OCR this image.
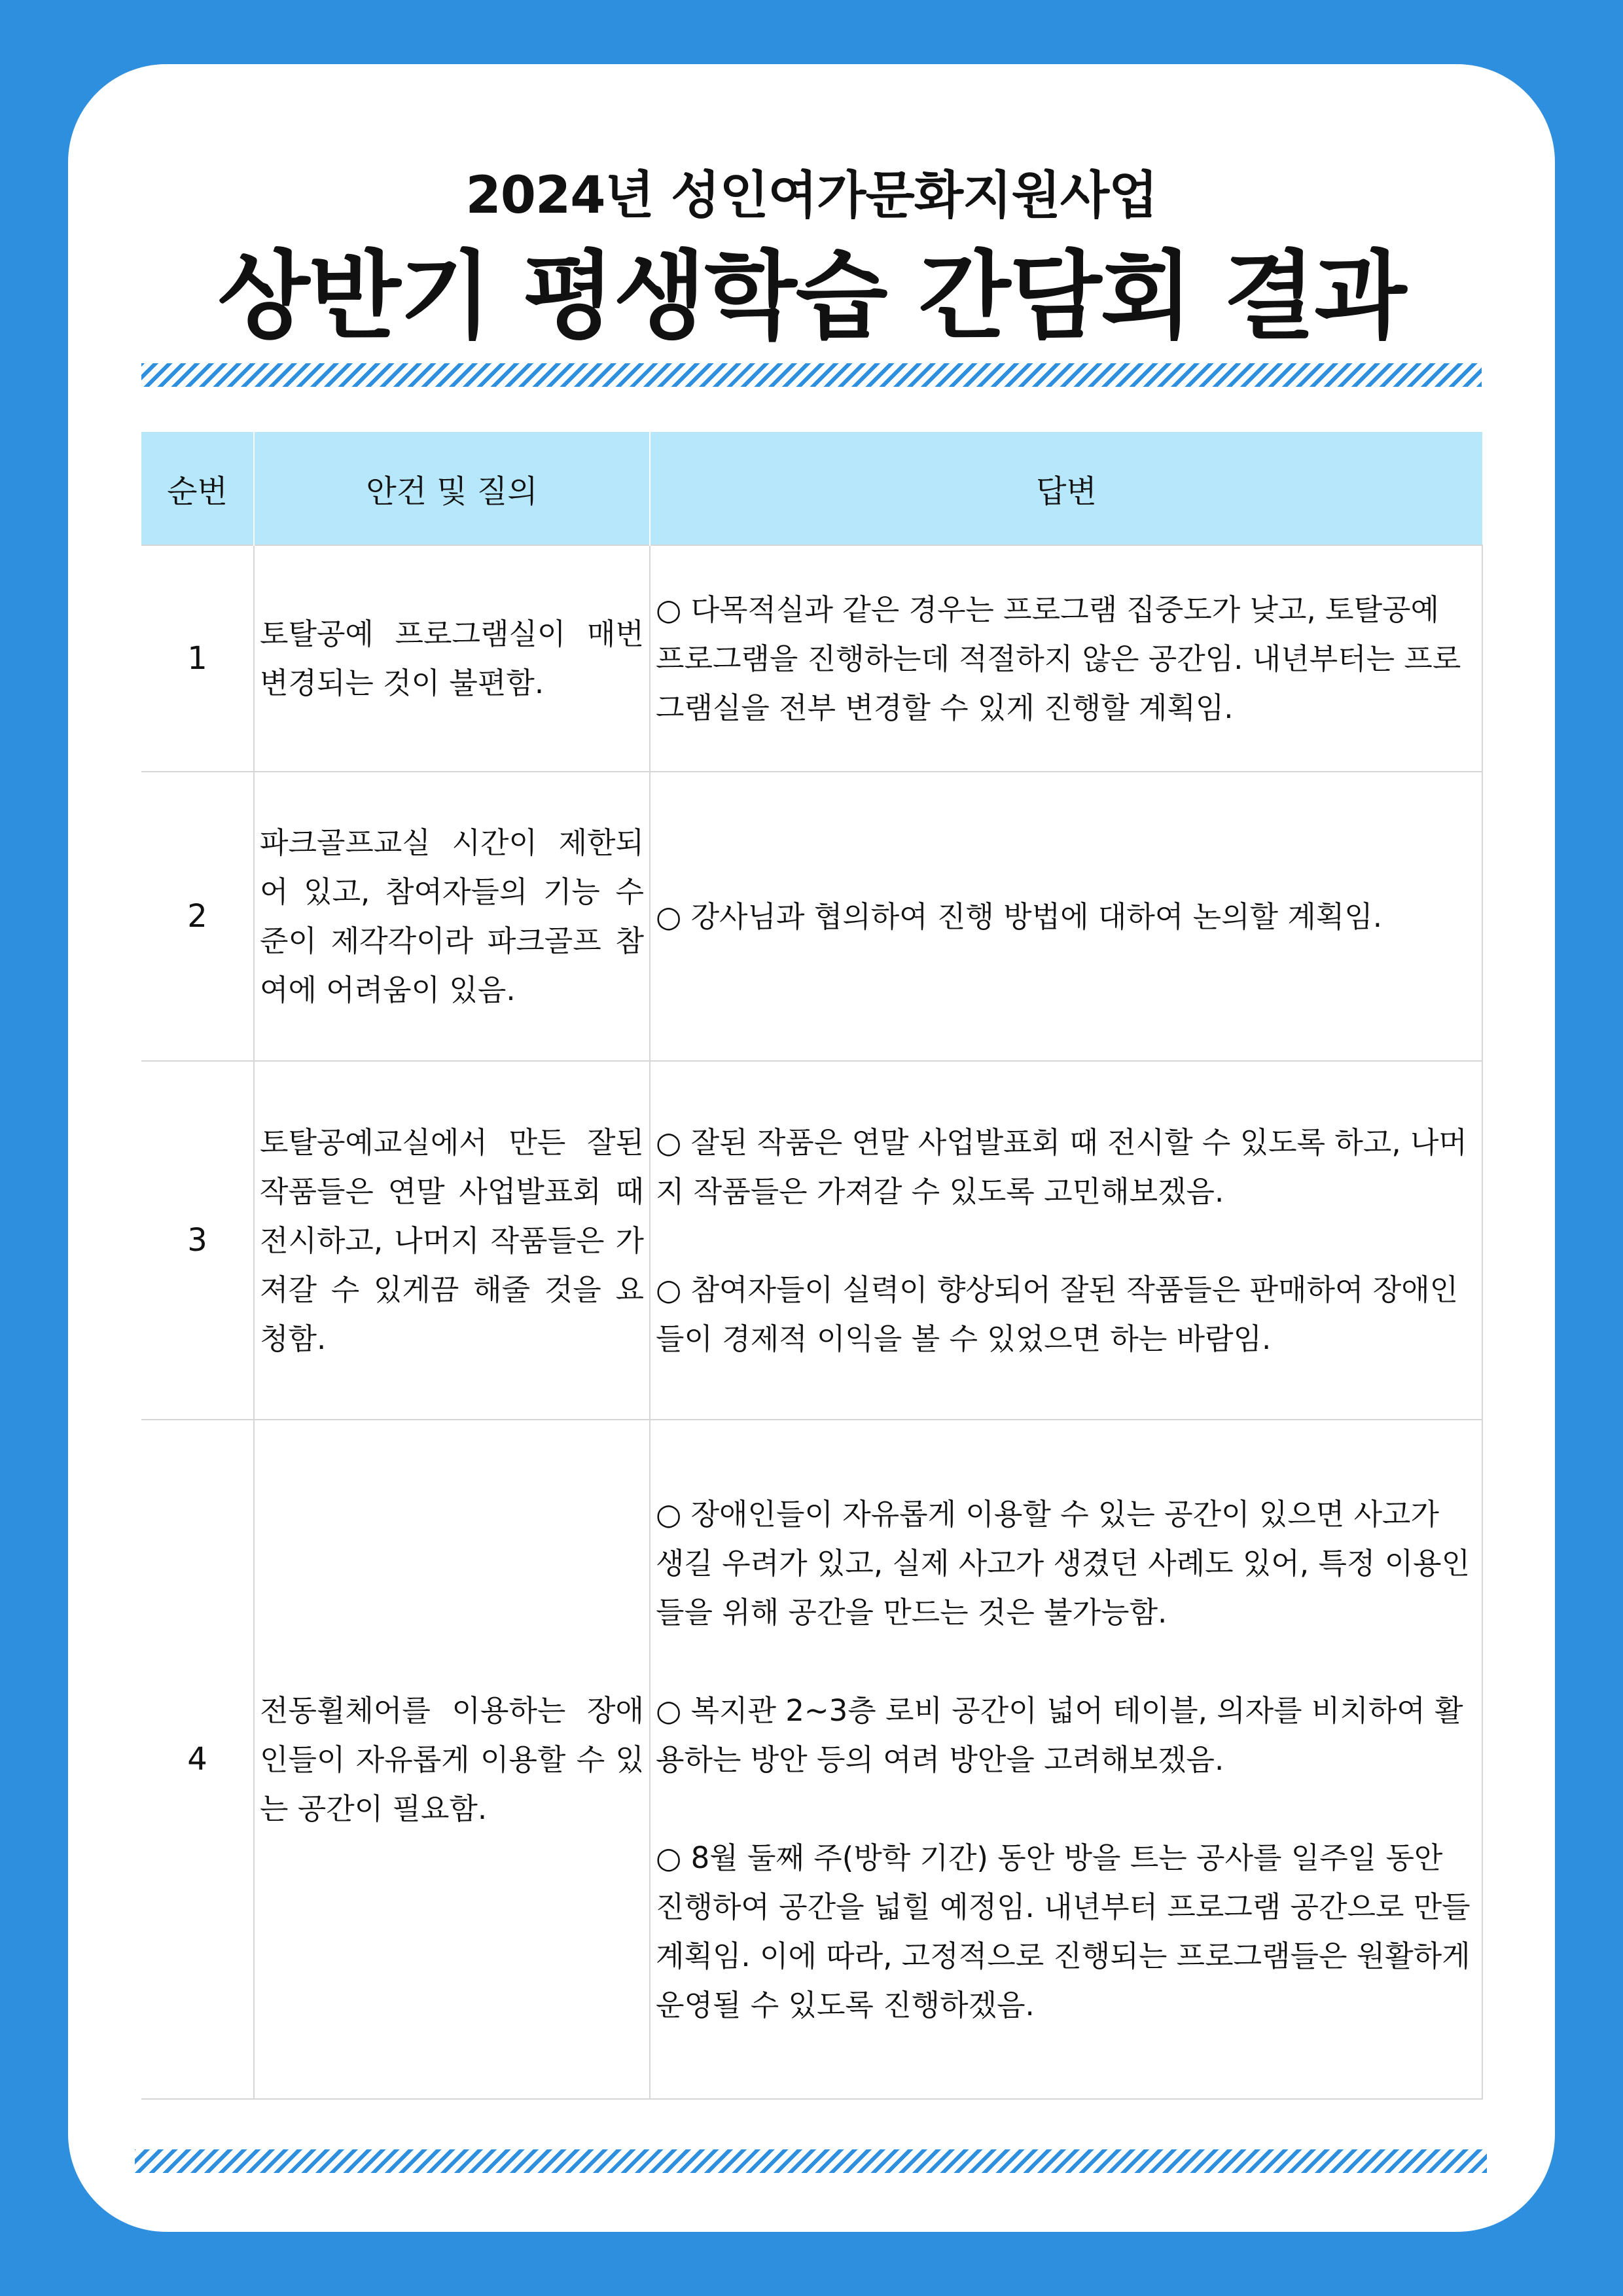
2024년 성인여가문화지원사업
상반기 평생학습 간담회 결과
순번	안건 및 질의	답변
1	토탈공예 프로그램실이 매번 변경되는 것이 불편함.	○ 다목적실과 같은 경우는 프로그램 집중도가 낮고, 토탈공예 프로그램을 진행하는데 적절하지 않은 공간임. 내년부터는 프로그램실을 전부 변경할 수 있게 진행할 계획임.

2	파크골프교실 시간이 제한되어 있고, 참여자들의 기능 수준이 제각각이라 파크골프 참여에 어려움이 있음.	○ 강사님과 협의하여 진행 방법에 대하여 논의할 계획임.

3	토탈공예교실에서 만든 잘된 작품들은 연말 사업발표회 때 전시하고, 나머지 작품들은 가져갈 수 있게끔 해줄 것을 요청함.	○ 잘된 작품은 연말 사업발표회 때 전시할 수 있도록 하고, 나머지 작품들은 가져갈 수 있도록 고민해보겠음.

○ 참여자들이 실력이 향상되어 잘된 작품들은 판매하여 장애인들이 경제적 이익을 볼 수 있었으면 하는 바람임.

4	전동휠체어를 이용하는 장애인들이 자유롭게 이용할 수 있는 공간이 필요함.	○ 장애인들이 자유롭게 이용할 수 있는 공간이 있으면 사고가 생길 우려가 있고, 실제 사고가 생겼던 사례도 있어, 특정 이용인들을 위해 공간을 만드는 것은 불가능함.

○ 복지관 2~3층 로비 공간이 넓어 테이블, 의자를 비치하여 활용하는 방안 등의 여려 방안을 고려해보겠음.

○ 8월 둘째 주(방학 기간) 동안 방을 트는 공사를 일주일 동안 진행하여 공간을 넓힐 예정임. 내년부터 프로그램 공간으로 만들 계획임. 이에 따라, 고정적으로 진행되는 프로그램들은 원활하게 운영될 수 있도록 진행하겠음.
